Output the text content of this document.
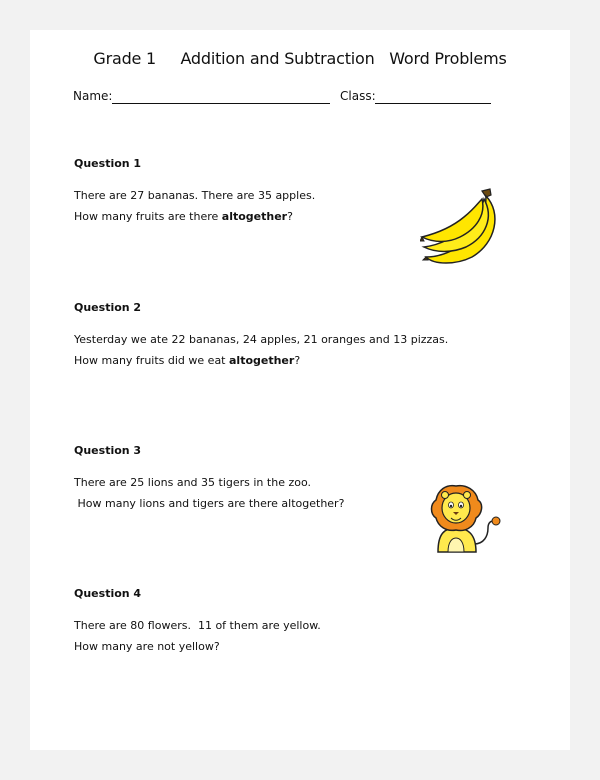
Grade 1     Addition and Subtraction   Word Problems
Name:	Class:
Question 1
There are 27 bananas. There are 35 apples.
How many fruits are there altogether?
Question 2
Yesterday we ate 22 bananas, 24 apples, 21 oranges and 13 pizzas.
How many fruits did we eat altogether?
Question 3
There are 25 lions and 35 tigers in the zoo.
How many lions and tigers are there altogether?
Question 4
There are 80 flowers.  11 of them are yellow.
How many are not yellow?
